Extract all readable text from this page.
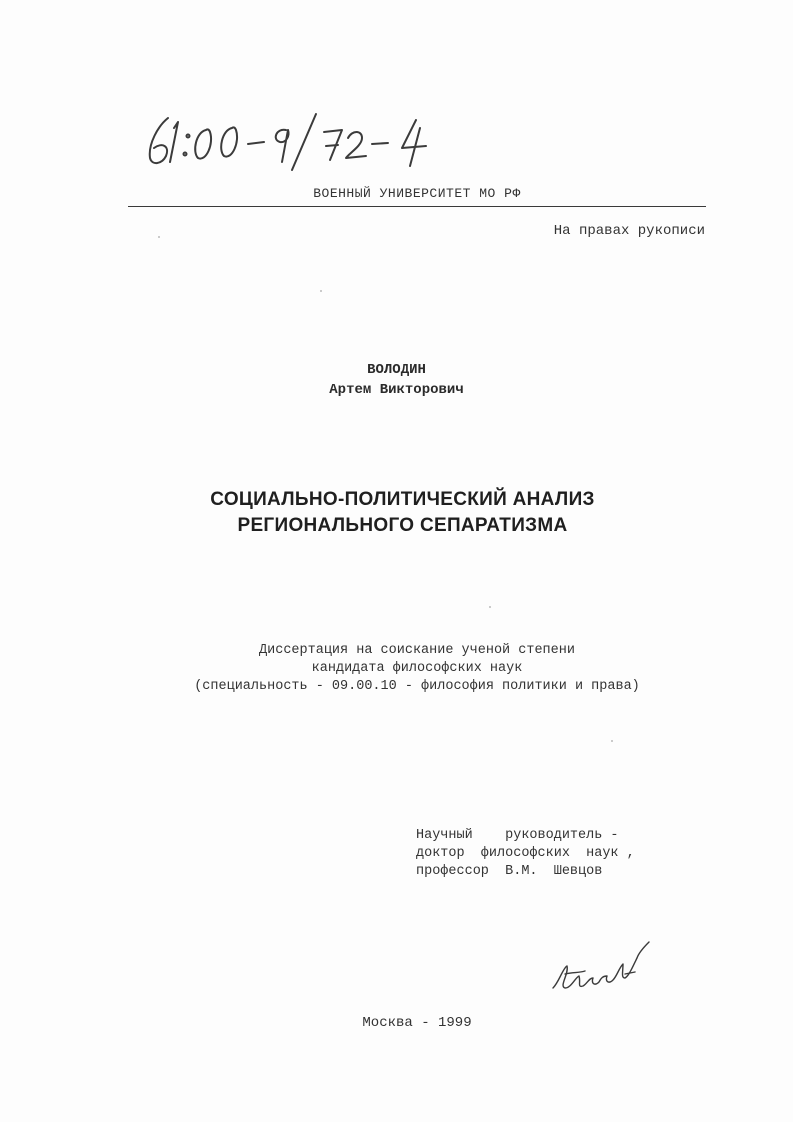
ВОЕННЫЙ УНИВЕРСИТЕТ МО РФ
На правах рукописи
ВОЛОДИН
Артем Викторович
СОЦИАЛЬНО-ПОЛИТИЧЕСКИЙ АНАЛИЗ
РЕГИОНАЛЬНОГО СЕПАРАТИЗМА
Диссертация на соискание ученой степени
кандидата философских наук
(специальность - 09.00.10 - философия политики и права)
Научный    руководитель -
доктор  философских  наук ,
профессор  В.М.  Шевцов
Москва - 1999
